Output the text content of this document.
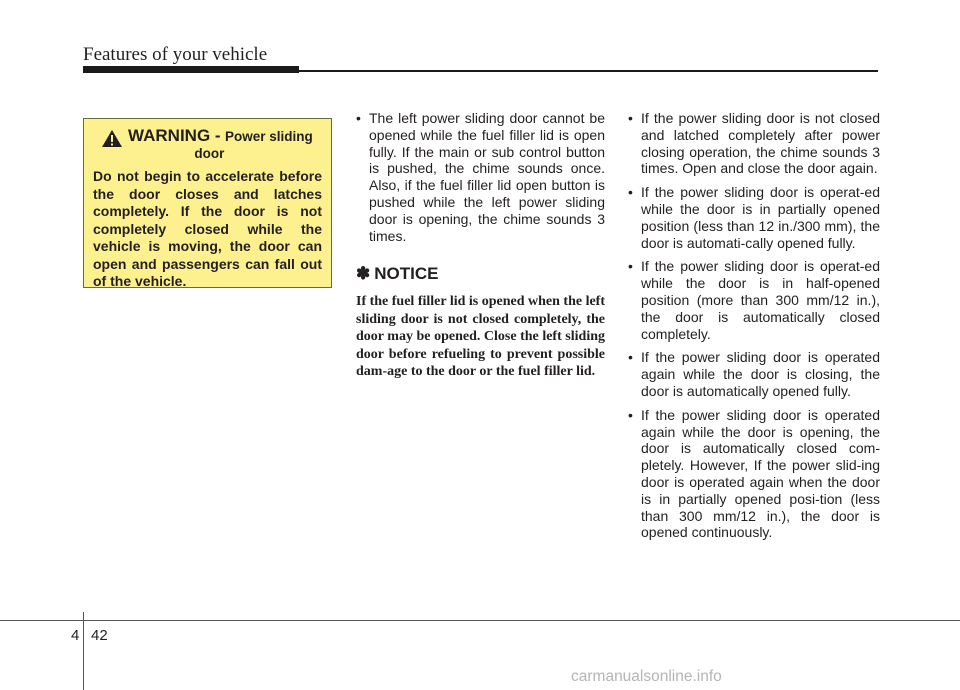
Features of your vehicle
WARNING - Power sliding
door
Do not begin to accelerate before the door closes and latches completely. If the door is not completely closed while the vehicle is moving, the door can open and passengers can fall out of the vehicle.

• The left power sliding door cannot be opened while the fuel filler lid is open fully. If the main or sub control button is pushed, the chime sounds once. Also, if the fuel filler lid open button is pushed while the left power sliding door is opening, the chime sounds 3 times.

✽ NOTICE
If the fuel filler lid is opened when the left sliding door is not closed completely, the door may be opened. Close the left sliding door before refueling to prevent possible dam-age to the door or the fuel filler lid.

• If the power sliding door is not closed and latched completely after power closing operation, the chime sounds 3 times. Open and close the door again.

• If the power sliding door is operat-ed while the door is in partially opened position (less than 12 in./300 mm), the door is automati-cally opened fully.

• If the power sliding door is operat-ed while the door is in half-opened position (more than 300 mm/12 in.), the door is automatically closed completely.

• If the power sliding door is operated again while the door is closing, the door is automatically opened fully.

• If the power sliding door is operated again while the door is opening, the door is automatically closed com-pletely. However, If the power slid-ing door is operated again when the door is in partially opened posi-tion (less than 300 mm/12 in.), the door is opened continuously.

4 42
carmanualsonline.info
